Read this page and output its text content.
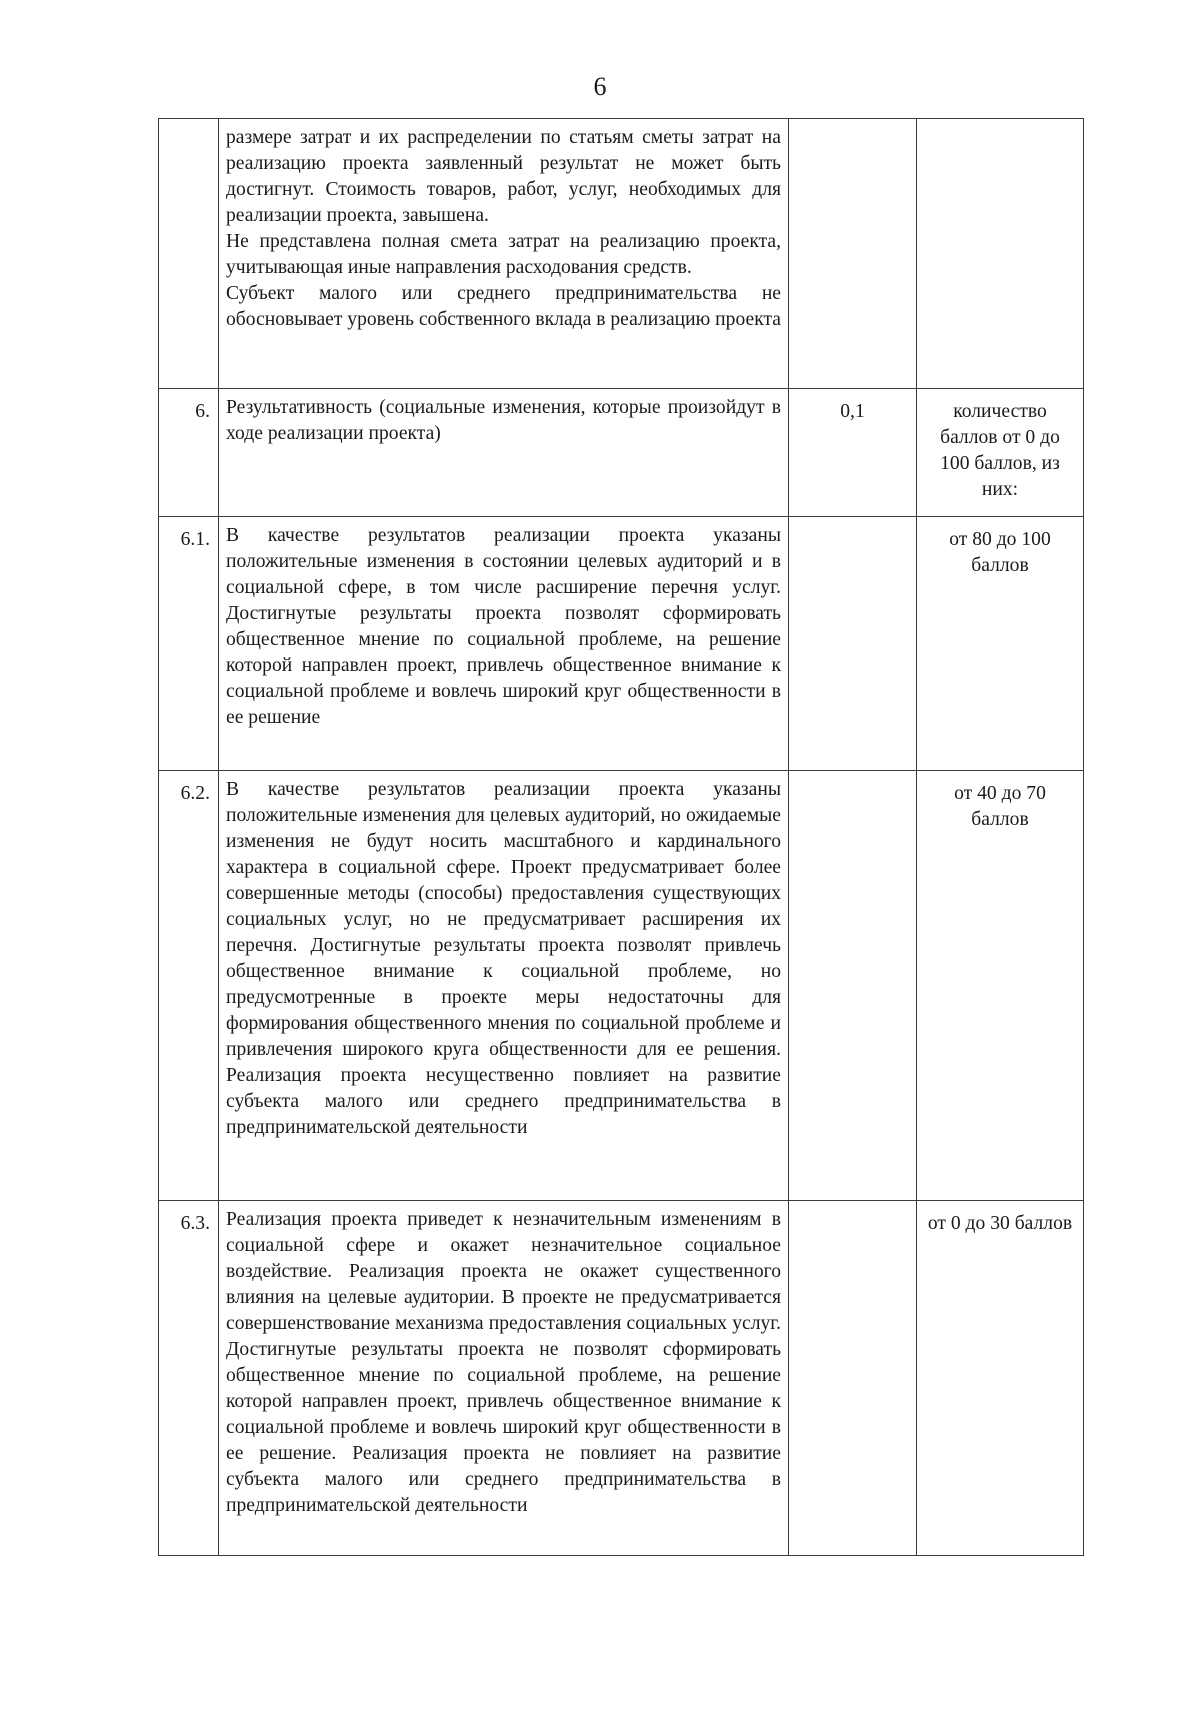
6

	размере затрат и их распределении по статьям сметы затрат на реализацию проекта заявленный результат не может быть достигнут. Стоимость товаров, работ, услуг, необходимых для реализации проекта, завышена.
Не представлена полная смета затрат на реализацию проекта, учитывающая иные направления расходования средств.
Субъект малого или среднего предпринимательства не обосновывает уровень собственного вклада в реализацию проекта		

6.	Результативность (социальные изменения, которые произойдут в ходе реализации проекта)	0,1	количество баллов от 0 до 100 баллов, из них:
6.1.	В качестве результатов реализации проекта указаны положительные изменения в состоянии целевых аудиторий и в социальной сфере, в том числе расширение перечня услуг. Достигнутые результаты проекта позволят сформировать общественное мнение по социальной проблеме, на решение которой направлен проект, привлечь общественное внимание к социальной проблеме и вовлечь широкий круг общественности в ее решение		от 80 до 100 баллов
6.2.	В качестве результатов реализации проекта указаны положительные изменения для целевых аудиторий, но ожидаемые изменения не будут носить масштабного и кардинального характера в социальной сфере. Проект предусматривает более совершенные методы (способы) предоставления существующих социальных услуг, но не предусматривает расширения их перечня. Достигнутые результаты проекта позволят привлечь общественное внимание к социальной проблеме, но предусмотренные в проекте меры недостаточны для формирования общественного мнения по социальной проблеме и привлечения широкого круга общественности для ее решения. Реализация проекта несущественно повлияет на развитие субъекта малого или среднего предпринимательства в предпринимательской деятельности		от 40 до 70 баллов
6.3.	Реализация проекта приведет к незначительным изменениям в социальной сфере и окажет незначительное социальное воздействие. Реализация проекта не окажет существенного влияния на целевые аудитории. В проекте не предусматривается совершенствование механизма предоставления социальных услуг. Достигнутые результаты проекта не позволят сформировать общественное мнение по социальной проблеме, на решение которой направлен проект, привлечь общественное внимание к социальной проблеме и вовлечь широкий круг общественности в ее решение. Реализация проекта не повлияет на развитие субъекта малого или среднего предпринимательства в предпринимательской деятельности		от 0 до 30 баллов
